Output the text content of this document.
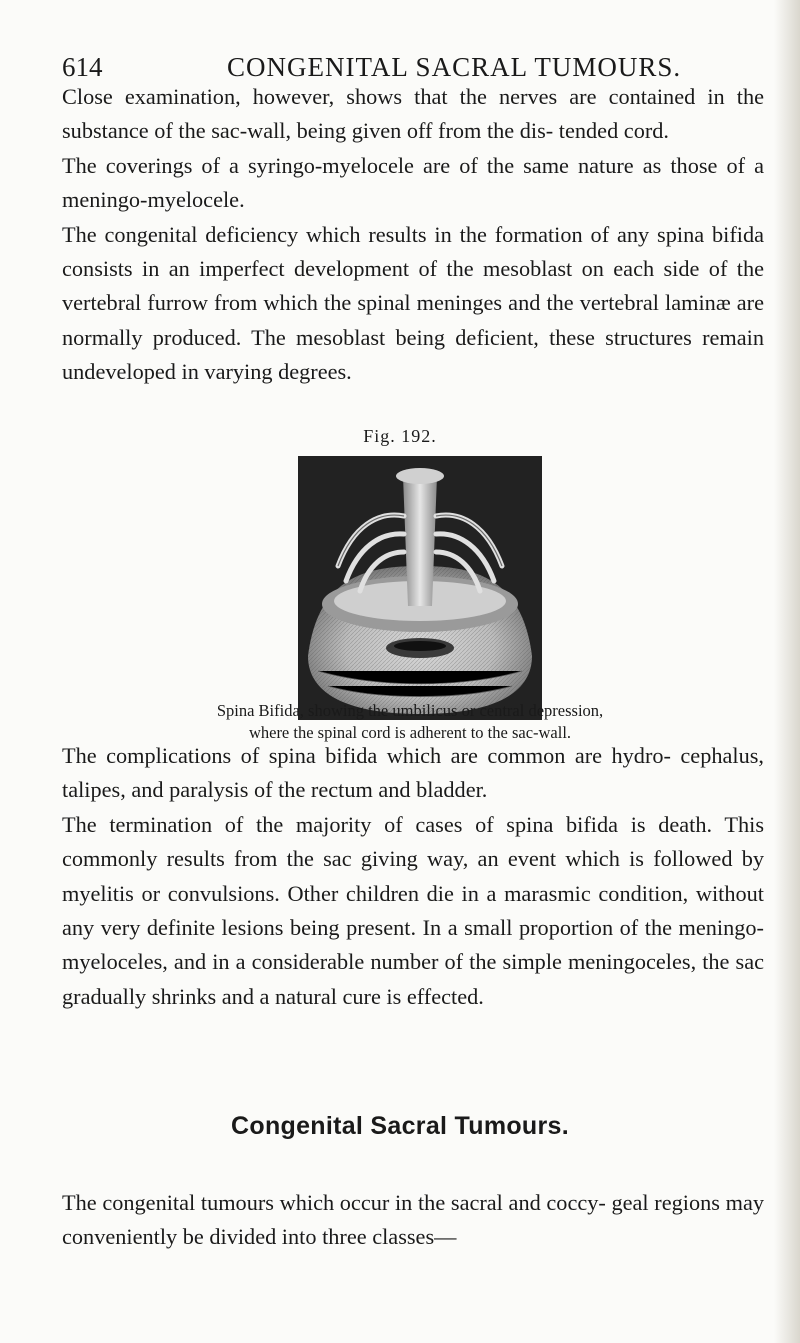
614	CONGENITAL SACRAL TUMOURS.

Close examination, however, shows that the nerves are contained in the substance of the sac-wall, being given off from the dis- tended cord.

The coverings of a syringo-myelocele are of the same nature as those of a meningo-myelocele.

The congenital deficiency which results in the formation of any spina bifida consists in an imperfect development of the mesoblast on each side of the vertebral furrow from which the spinal meninges and the vertebral laminæ are normally produced. The mesoblast being deficient, these structures remain undeveloped in varying degrees.

Fig. 192.

Spina Bifida, showing the umbilicus or central depression,

where the spinal cord is adherent to the sac-wall.

The complications of spina bifida which are common are hydro- cephalus, talipes, and paralysis of the rectum and bladder.

The termination of the majority of cases of spina bifida is death. This commonly results from the sac giving way, an event which is followed by myelitis or convulsions. Other children die in a marasmic condition, without any very definite lesions being present. In a small proportion of the meningo-myeloceles, and in a considerable number of the simple meningoceles, the sac gradually shrinks and a natural cure is effected.

Congenital Sacral Tumours.

The congenital tumours which occur in the sacral and coccy- geal regions may conveniently be divided into three classes—
